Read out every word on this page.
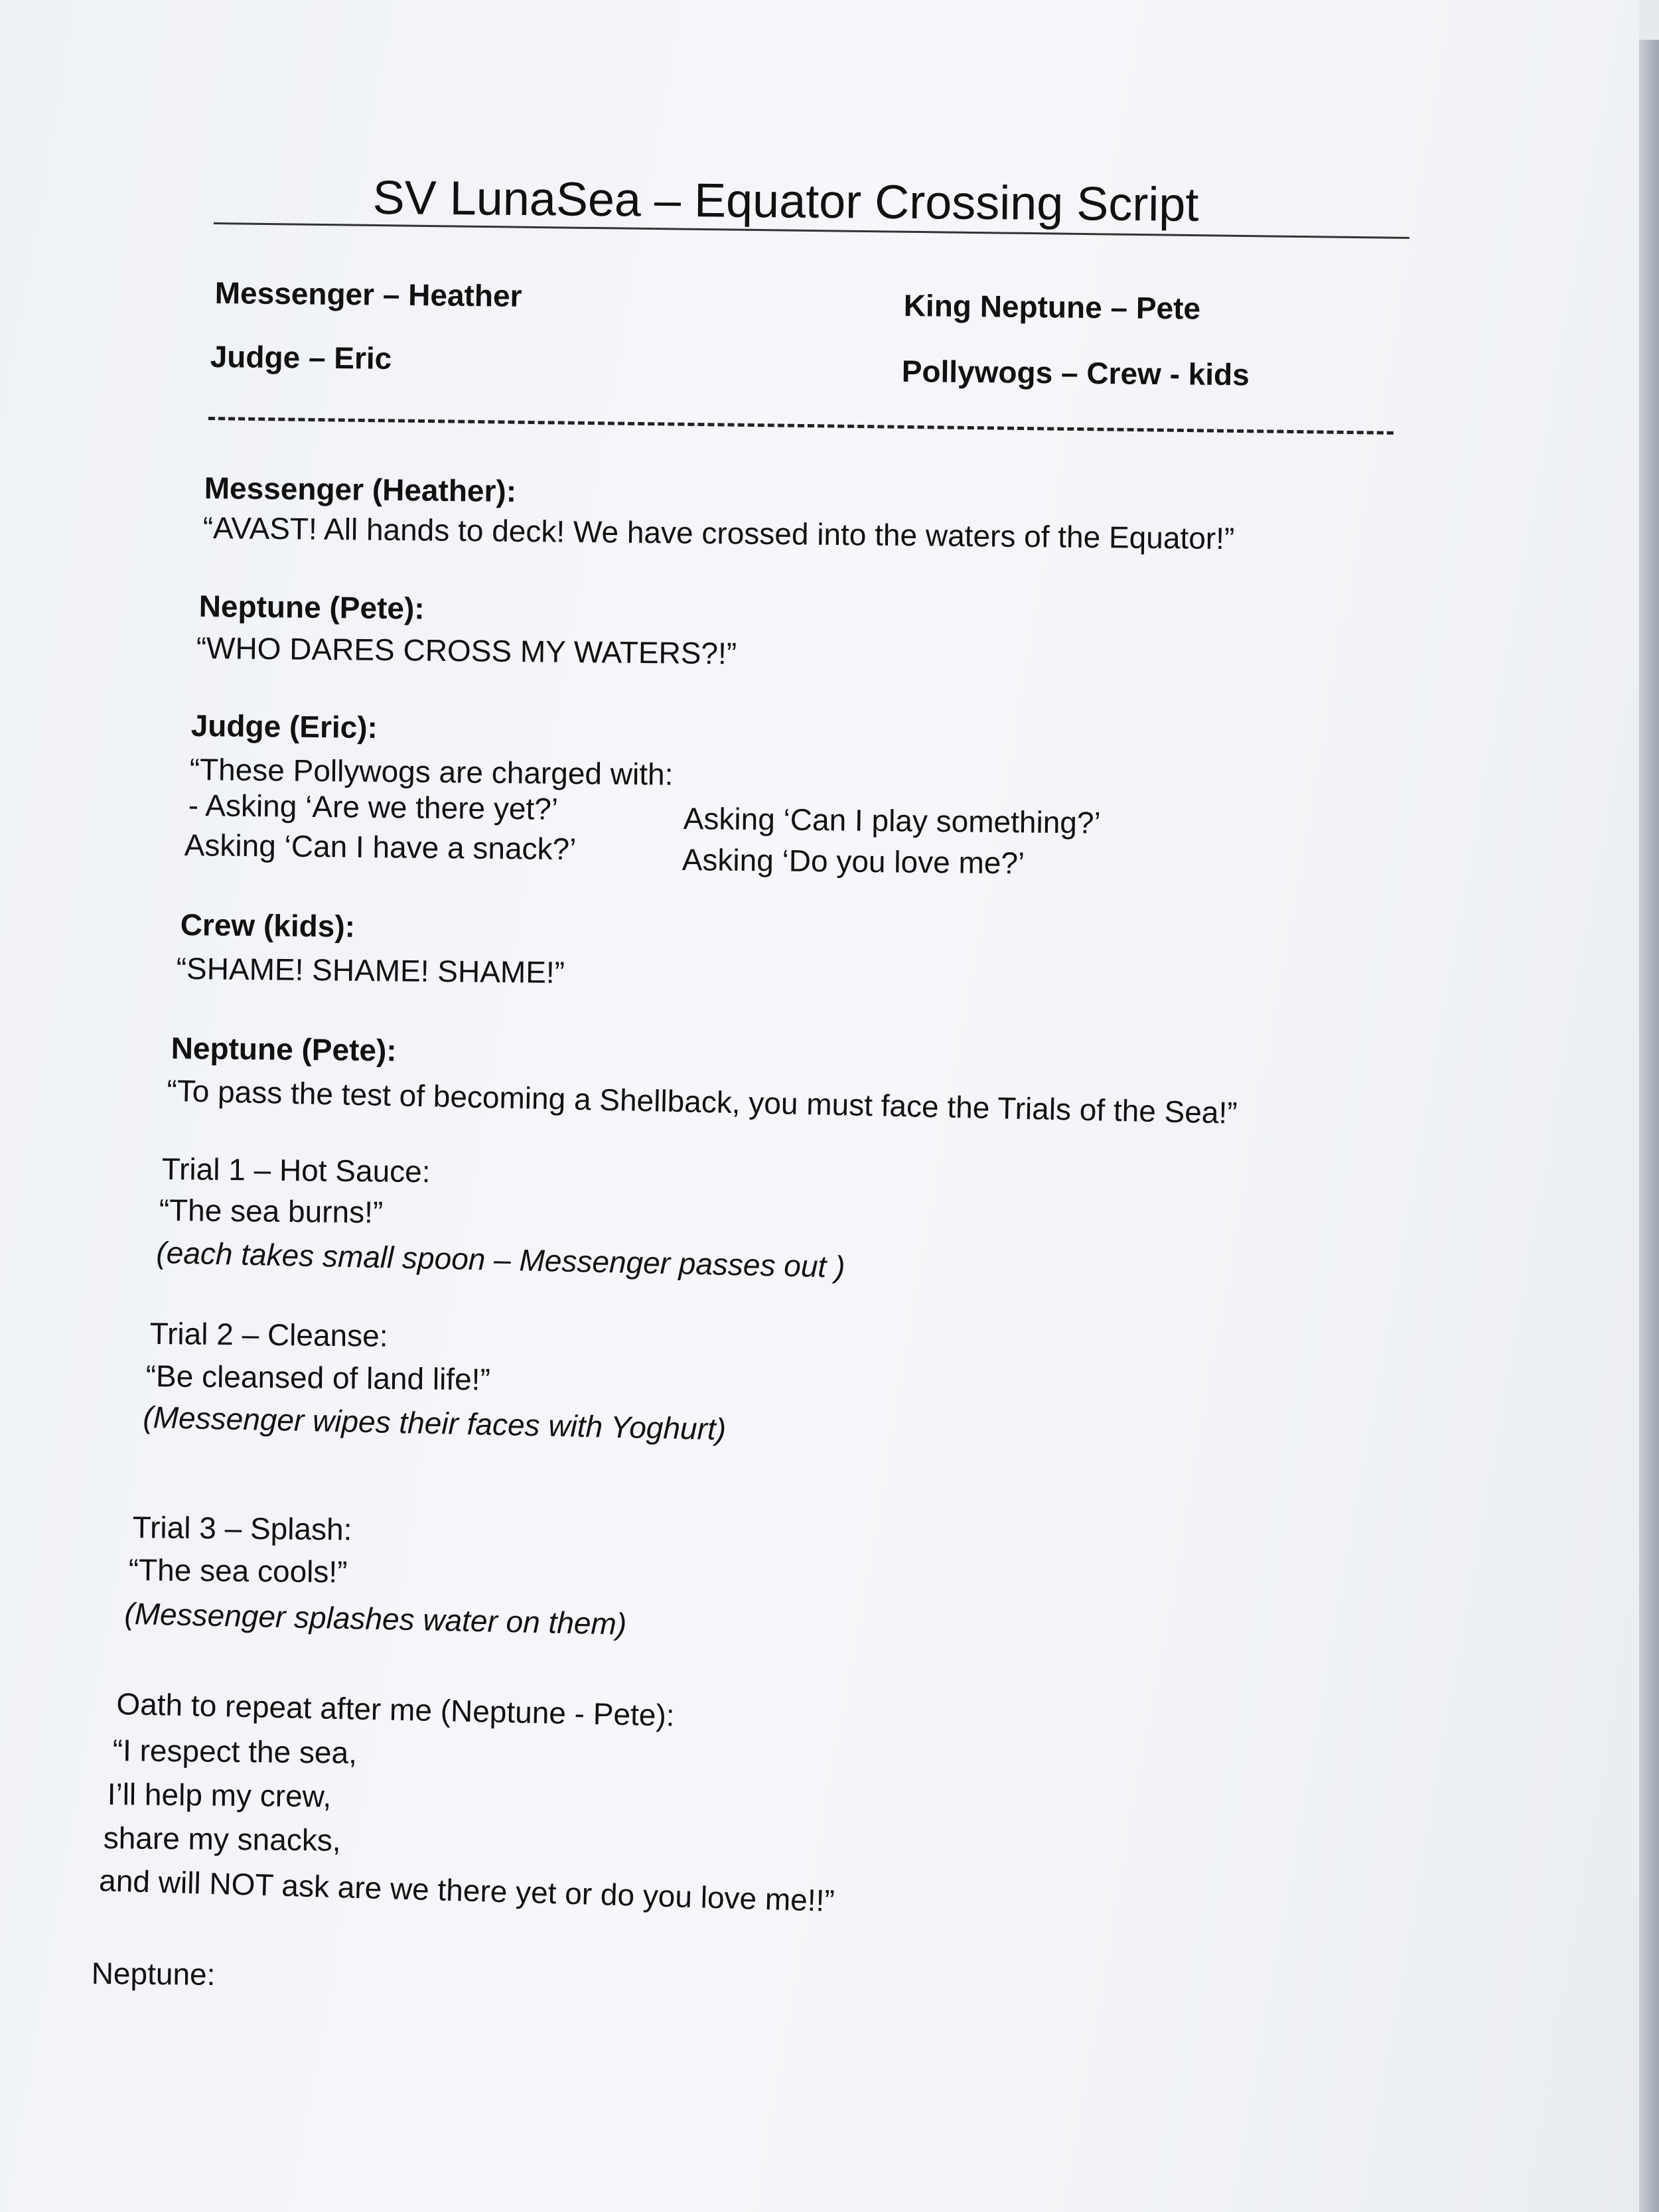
SV LunaSea – Equator Crossing Script
Messenger – Heather	King Neptune – Pete
Judge – Eric	Pollywogs – Crew - kids
Messenger (Heather):
“AVAST! All hands to deck! We have crossed into the waters of the Equator!”
Neptune (Pete):
“WHO DARES CROSS MY WATERS?!”
Judge (Eric):
“These Pollywogs are charged with:
- Asking ‘Are we there yet?’
Asking ‘Can I have a snack?’
Asking ‘Can I play something?’
Asking ‘Do you love me?’
Crew (kids):
“SHAME! SHAME! SHAME!”
Neptune (Pete):
“To pass the test of becoming a Shellback, you must face the Trials of the Sea!”
Trial 1 – Hot Sauce:
“The sea burns!”
(each takes small spoon – Messenger passes out )
Trial 2 – Cleanse:
“Be cleansed of land life!”
(Messenger wipes their faces with Yoghurt)
Trial 3 – Splash:
“The sea cools!”
(Messenger splashes water on them)
Oath to repeat after me (Neptune - Pete):
“I respect the sea,
I’ll help my crew,
share my snacks,
and will NOT ask are we there yet or do you love me!!”
Neptune:
